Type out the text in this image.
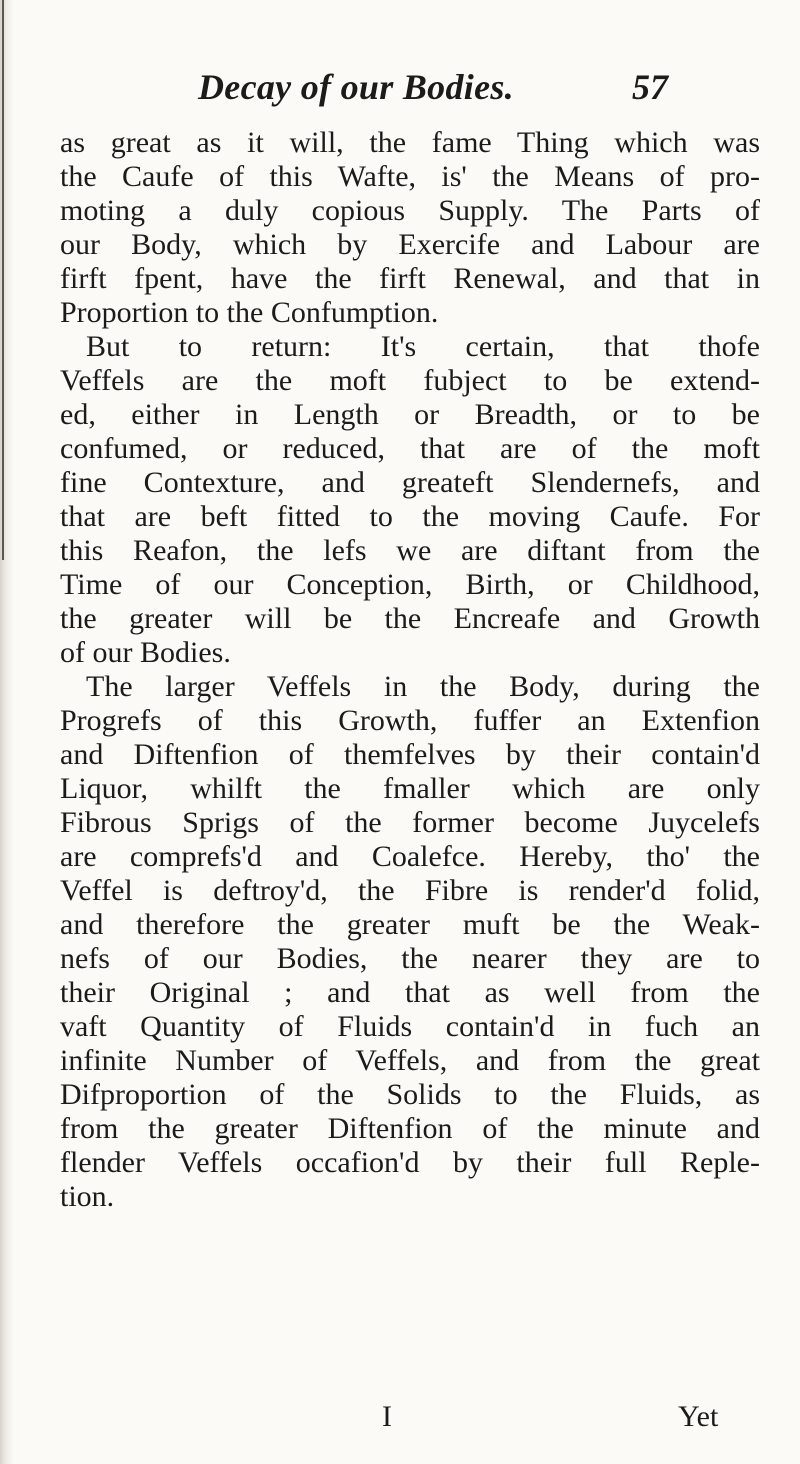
Decay of our Bodies.	57
as great as it will, the fame Thing which was
the Caufe of this Wafte, is' the Means of pro‐
moting a duly copious Supply. The Parts of
our Body, which by Exercife and Labour are
firft fpent, have the firft Renewal, and that in
Proportion to the Confumption.
But to return: It's certain, that thofe
Veffels are the moft fubject to be extend‐
ed, either in Length or Breadth, or to be
confumed, or reduced, that are of the moft
fine Contexture, and greateft Slendernefs, and
that are beft fitted to the moving Caufe. For
this Reafon, the lefs we are diftant from the
Time of our Conception, Birth, or Childhood,
the greater will be the Encreafe and Growth
of our Bodies.
The larger Veffels in the Body, during the
Progrefs of this Growth, fuffer an Extenfion
and Diftenfion of themfelves by their contain'd
Liquor, whilft the fmaller which are only
Fibrous Sprigs of the former become Juycelefs
are comprefs'd and Coalefce. Hereby, tho' the
Veffel is deftroy'd, the Fibre is render'd folid,
and therefore the greater muft be the Weak‐
nefs of our Bodies, the nearer they are to
their Original ; and that as well from the
vaft Quantity of Fluids contain'd in fuch an
infinite Number of Veffels, and from the great
Difproportion of the Solids to the Fluids, as
from the greater Diftenfion of the minute and
flender Veffels occafion'd by their full Reple‐
tion.
I	Yet
